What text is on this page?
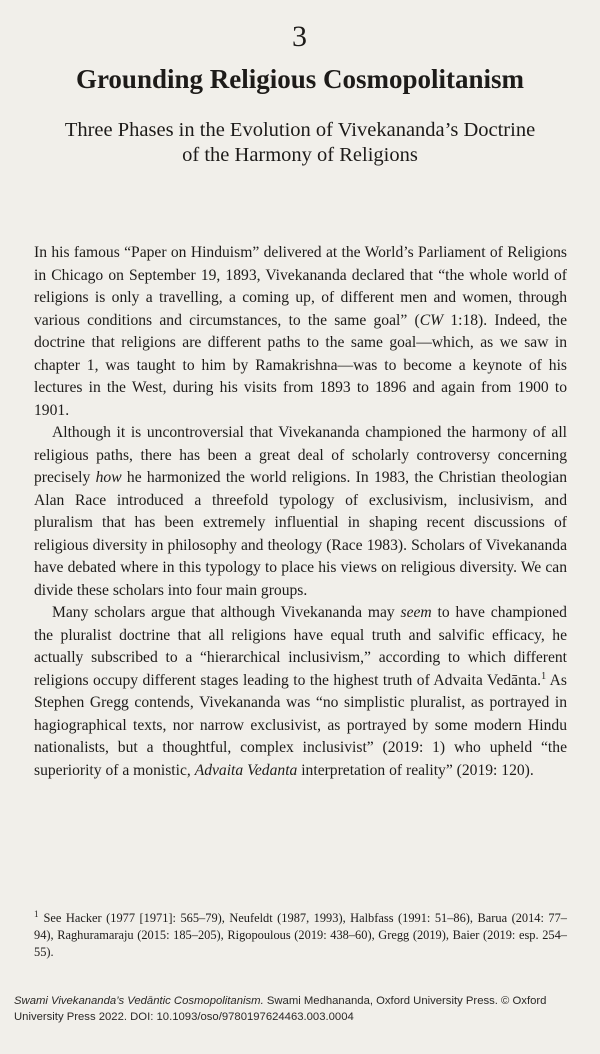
3
Grounding Religious Cosmopolitanism
Three Phases in the Evolution of Vivekananda’s Doctrine
of the Harmony of Religions

In his famous “Paper on Hinduism” delivered at the World’s Parliament of Religions in Chicago on September 19, 1893, Vivekananda declared that “the whole world of religions is only a travelling, a coming up, of different men and women, through various conditions and circumstances, to the same goal” (CW 1:18). Indeed, the doctrine that religions are different paths to the same goal—which, as we saw in chapter 1, was taught to him by Ramakrishna—was to become a keynote of his lectures in the West, during his visits from 1893 to 1896 and again from 1900 to 1901.

Although it is uncontroversial that Vivekananda championed the harmony of all religious paths, there has been a great deal of scholarly controversy concerning precisely how he harmonized the world religions. In 1983, the Christian theologian Alan Race introduced a threefold typology of exclusivism, inclusivism, and pluralism that has been extremely influential in shaping recent discussions of religious diversity in philosophy and theology (Race 1983). Scholars of Vivekananda have debated where in this typology to place his views on religious diversity. We can divide these scholars into four main groups.

Many scholars argue that although Vivekananda may seem to have championed the pluralist doctrine that all religions have equal truth and salvific efficacy, he actually subscribed to a “hierarchical inclusivism,” according to which different religions occupy different stages leading to the highest truth of Advaita Vedānta.$^1$ As Stephen Gregg contends, Vivekananda was “no simplistic pluralist, as portrayed in hagiographical texts, nor narrow exclusivist, as portrayed by some modern Hindu nationalists, but a thoughtful, complex inclusivist” (2019: 1) who upheld “the superiority of a monistic, Advaita Vedanta interpretation of reality” (2019: 120).

$^1$ See Hacker (1977 [1971]: 565–79), Neufeldt (1987, 1993), Halbfass (1991: 51–86), Barua (2014: 77–94), Raghuramaraju (2015: 185–205), Rigopoulous (2019: 438–60), Gregg (2019), Baier (2019: esp. 254–55).
Swami Vivekananda’s Vedāntic Cosmopolitanism. Swami Medhananda, Oxford University Press. © Oxford University Press 2022. DOI: 10.1093/oso/9780197624463.003.0004
